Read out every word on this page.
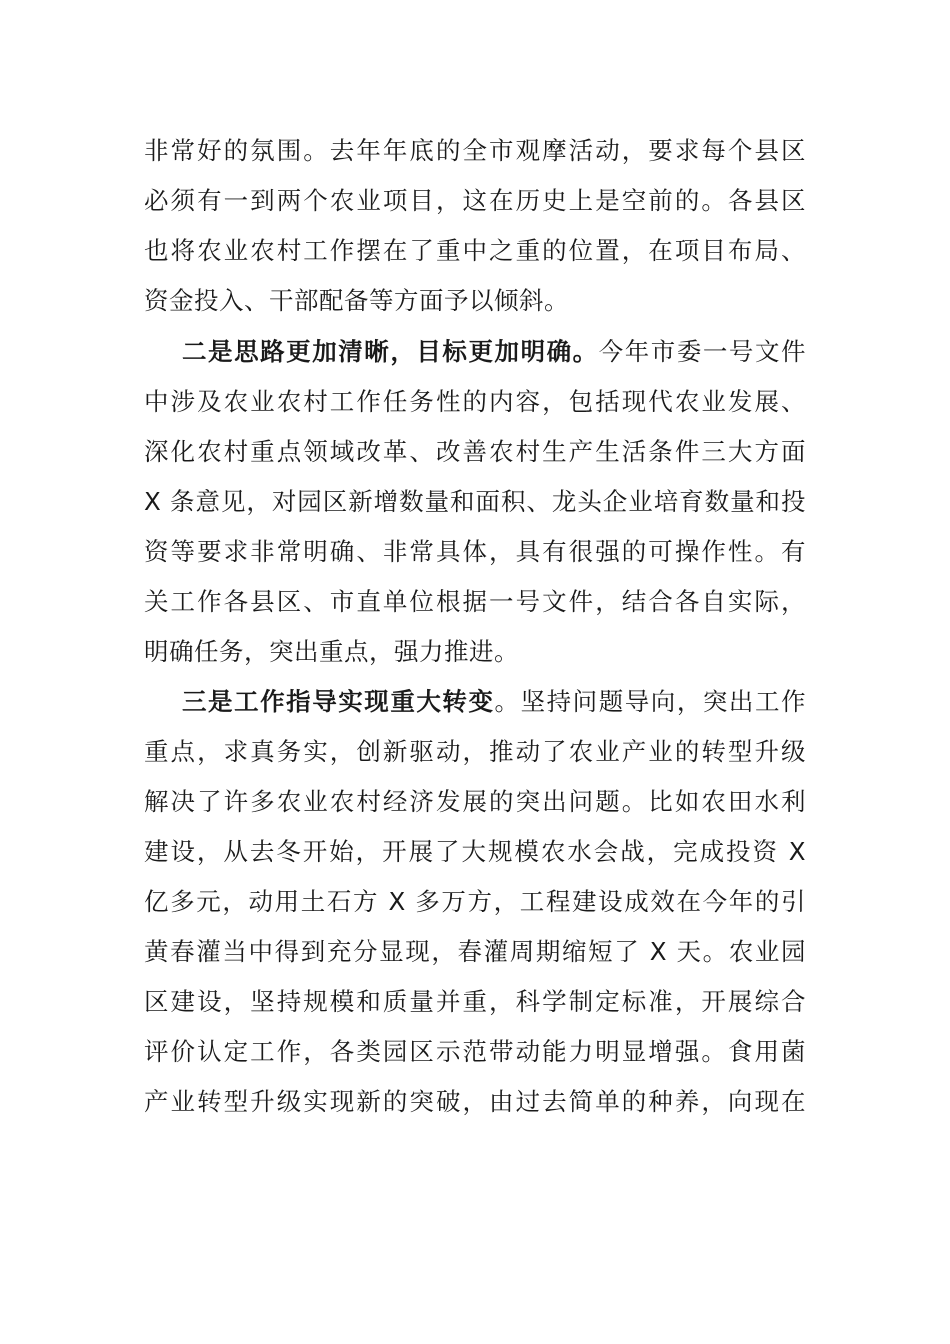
非常好的氛围。去年年底的全市观摩活动，要求每个县区
必须有一到两个农业项目，这在历史上是空前的。各县区
也将农业农村工作摆在了重中之重的位置，在项目布局、
资金投入、干部配备等方面予以倾斜。
二是思路更加清晰，目标更加明确。今年市委一号文件
中涉及农业农村工作任务性的内容，包括现代农业发展、
深化农村重点领域改革、改善农村生产生活条件三大方面
X 条意见，对园区新增数量和面积、龙头企业培育数量和投
资等要求非常明确、非常具体，具有很强的可操作性。有
关工作各县区、市直单位根据一号文件，结合各自实际，
明确任务，突出重点，强力推进。
三是工作指导实现重大转变。坚持问题导向，突出工作
重点，求真务实，创新驱动，推动了农业产业的转型升级
解决了许多农业农村经济发展的突出问题。比如农田水利
建设，从去冬开始，开展了大规模农水会战，完成投资 X
亿多元，动用土石方 X 多万方，工程建设成效在今年的引
黄春灌当中得到充分显现，春灌周期缩短了 X 天。农业园
区建设，坚持规模和质量并重，科学制定标准，开展综合
评价认定工作，各类园区示范带动能力明显增强。食用菌
产业转型升级实现新的突破，由过去简单的种养，向现在
